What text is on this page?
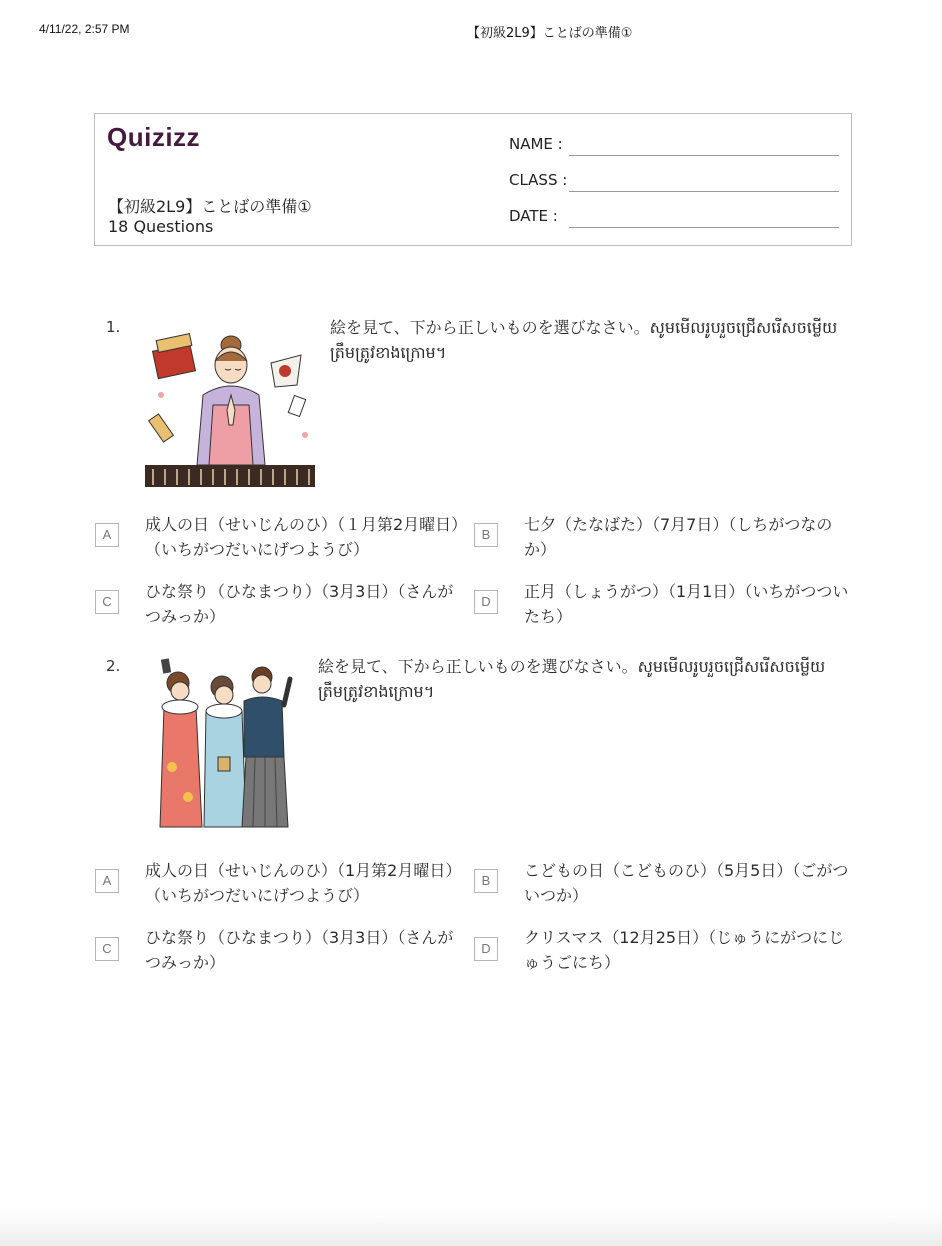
4/11/22, 2:57 PM	【初級2L9】ことばの準備①
Quizizz
【初級2L9】ことばの準備①
18 Questions
NAME :
CLASS :
DATE :
1.	絵を見て、下から正しいものを選びなさい。សូមមើលរូបរួចជ្រើសរើសចម្លើយត្រឹមត្រូវខាងក្រោម។
A
成人の日（せいじんのひ）（１月第2月曜日）（いちがつだいにげつようび）
B
七夕（たなばた）（7月7日）（しちがつなのか）
C
ひな祭り（ひなまつり）（3月3日）（さんがつみっか）
D
正月（しょうがつ）（1月1日）（いちがつついたち）
2.	絵を見て、下から正しいものを選びなさい。សូមមើលរូបរួចជ្រើសរើសចម្លើយត្រឹមត្រូវខាងក្រោម។
A
成人の日（せいじんのひ）（1月第2月曜日）（いちがつだいにげつようび）
B
こどもの日（こどものひ）（5月5日）（ごがついつか）
C
ひな祭り（ひなまつり）（3月3日）（さんがつみっか）
D
クリスマス（12月25日）（じゅうにがつにじゅうごにち）
